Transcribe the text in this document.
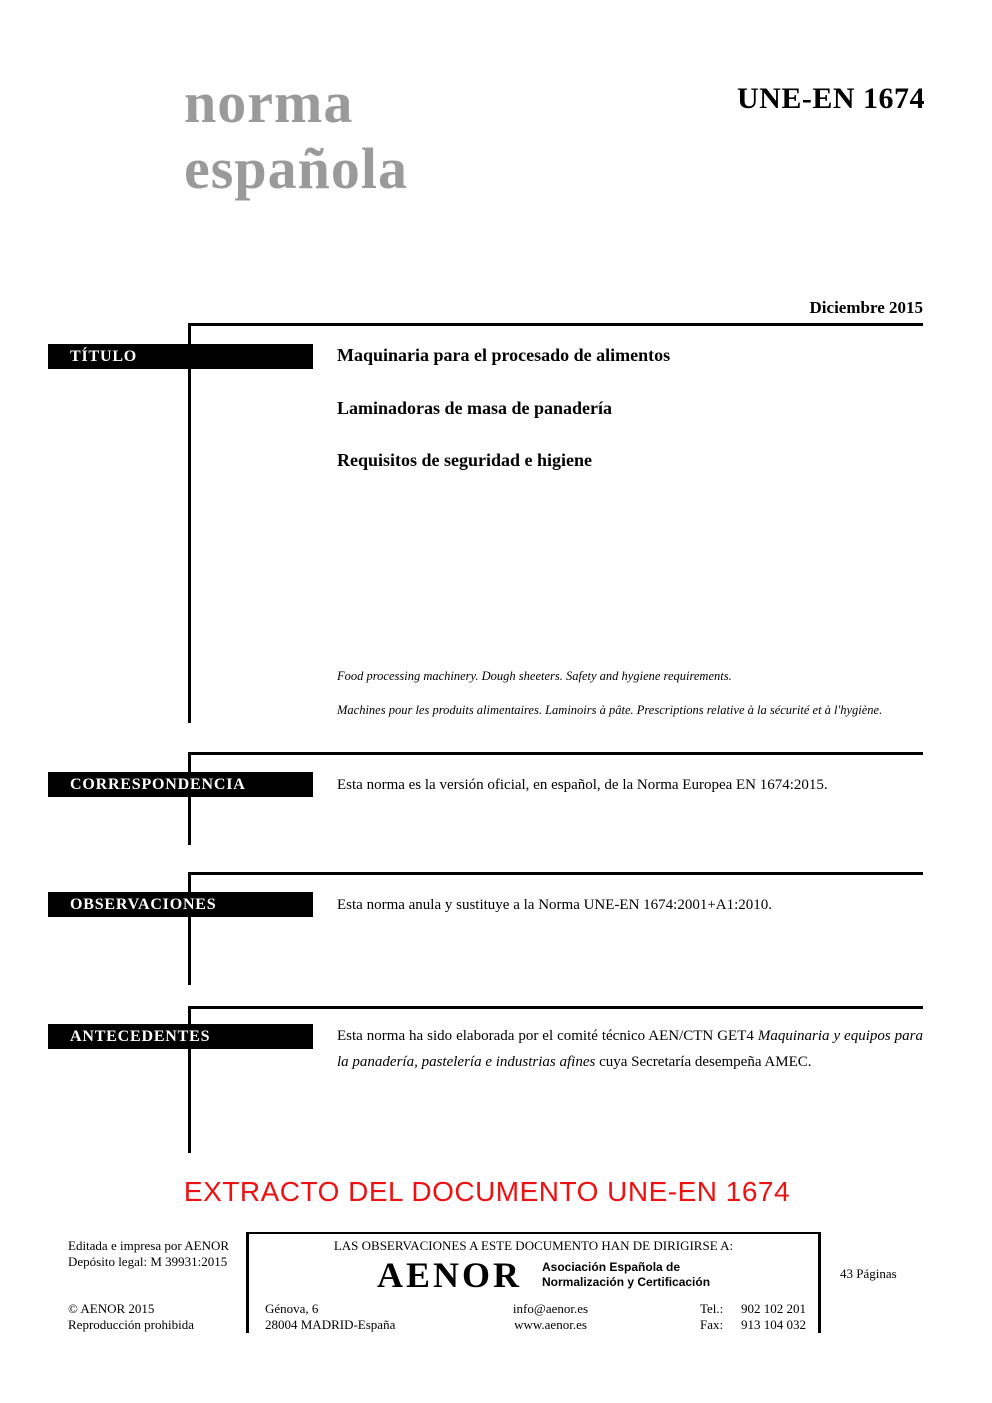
norma
española
UNE-EN 1674
Diciembre 2015
TÍTULO	Maquinaria para el procesado de alimentos
Laminadoras de masa de panadería
Requisitos de seguridad e higiene
Food processing machinery. Dough sheeters. Safety and hygiene requirements.
Machines pour les produits alimentaires. Laminoirs à pâte. Prescriptions relative à la sécurité et à l'hygiène.
CORRESPONDENCIA	Esta norma es la versión oficial, en español, de la Norma Europea EN 1674:2015.
OBSERVACIONES	Esta norma anula y sustituye a la Norma UNE-EN 1674:2001+A1:2010.
ANTECEDENTES	Esta norma ha sido elaborada por el comité técnico AEN/CTN GET4 Maquinaria y equipos para la panadería, pastelería e industrias afines cuya Secretaría desempeña AMEC.
EXTRACTO DEL DOCUMENTO UNE-EN 1674
Editada e impresa por AENOR
Depósito legal: M 39931:2015
© AENOR 2015
Reproducción prohibida
LAS OBSERVACIONES A ESTE DOCUMENTO HAN DE DIRIGIRSE A:
AENOR Asociación Española de
Normalización y Certificación
Génova, 6
28004 MADRID-España
info@aenor.es
www.aenor.es
Tel.: 902 102 201
Fax: 913 104 032
43 Páginas
